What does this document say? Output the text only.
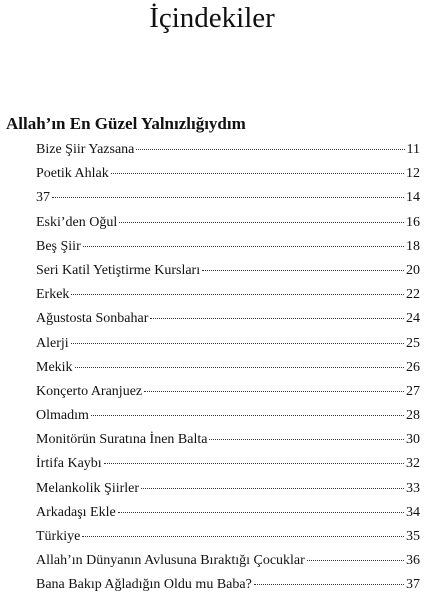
İçindekiler
Allah’ın En Güzel Yalnızlığıydım
Bize Şiir Yazsana	11
Poetik Ahlak	12
37	14
Eski’den Oğul	16
Beş Şiir	18
Seri Katil Yetiştirme Kursları	20
Erkek	22
Ağustosta Sonbahar	24
Alerji	25
Mekik	26
Konçerto Aranjuez	27
Olmadım	28
Monitörün Suratına İnen Balta	30
İrtifa Kaybı	32
Melankolik Şiirler	33
Arkadaşı Ekle	34
Türkiye	35
Allah’ın Dünyanın Avlusuna Bıraktığı Çocuklar	36
Bana Bakıp Ağladığın Oldu mu Baba?	37
